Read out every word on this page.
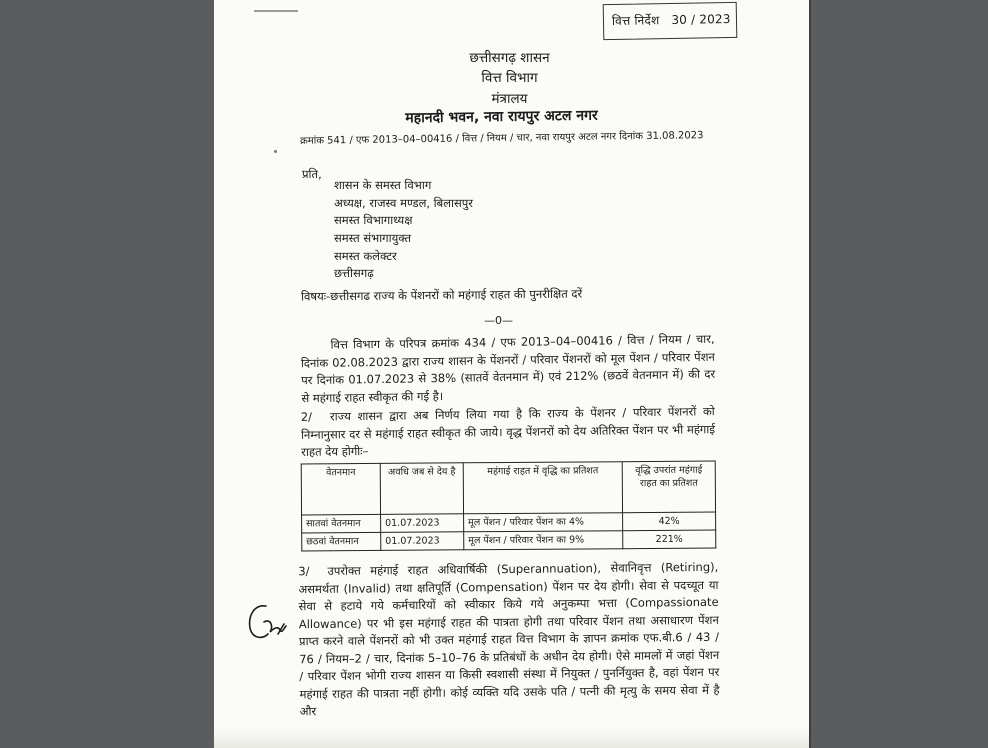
वित्त निर्देश 30 / 2023
छत्तीसगढ़ शासन
वित्त विभाग
मंत्रालय
महानदी भवन, नवा रायपुर अटल नगर
क्रमांक 541 / एफ 2013–04–00416 / वित्त / नियम / चार, नवा रायपुर अटल नगर दिनांक 31.08.2023
प्रति,
शासन के समस्त विभाग
अध्यक्ष, राजस्व मण्डल, बिलासपुर
समस्त विभागाध्यक्ष
समस्त संभागायुक्त
समस्त कलेक्टर
छत्तीसगढ़
विषयः-छत्तीसगढ राज्य के पेंशनरों को महंगाई राहत की पुनरीक्षित दरें
—0—
वित्त विभाग के परिपत्र क्रमांक 434 / एफ 2013–04–00416 / वित्त / नियम / चार, दिनांक 02.08.2023 द्वारा राज्य शासन के पेंशनरों / परिवार पेंशनरों को मूल पेंशन / परिवार पेंशन पर दिनांक 01.07.2023 से 38% (सातवें वेतनमान में) एवं 212% (छठवें वेतनमान में) की दर से महंगाई राहत स्वीकृत की गई है।
2/ राज्य शासन द्वारा अब निर्णय लिया गया है कि राज्य के पेंशनर / परिवार पेंशनरों को निम्नानुसार दर से महंगाई राहत स्वीकृत की जाये। वृद्ध पेंशनरों को देय अतिरिक्त पेंशन पर भी महंगाई राहत देय होगीः–
वेतनमान	अवधि जब से देय है	महंगाई राहत में वृद्धि का प्रतिशत	वृद्धि उपरांत महंगाई राहत का प्रतिशत
सातवां वेतनमान	01.07.2023	मूल पेंशन / परिवार पेंशन का 4%	42%
छठवां वेतनमान	01.07.2023	मूल पेंशन / परिवार पेंशन का 9%	221%
3/ उपरोक्त महंगाई राहत अधिवार्षिकी (Superannuation), सेवानिवृत्त (Retiring), असमर्थता (Invalid) तथा क्षतिपूर्ति (Compensation) पेंशन पर देय होगी। सेवा से पदच्यूत या सेवा से हटाये गये कर्मचारियों को स्वीकार किये गये अनुकम्पा भत्ता (Compassionate Allowance) पर भी इस महंगाई राहत की पात्रता होगी तथा परिवार पेंशन तथा असाधारण पेंशन प्राप्त करने वाले पेंशनरों को भी उक्त महंगाई राहत वित्त विभाग के ज्ञापन क्रमांक एफ.बी.6 / 43 / 76 / नियम–2 / चार, दिनांक 5–10–76 के प्रतिबंधों के अधीन देय होगी। ऐसे मामलों में जहां पेंशन / परिवार पेंशन भोगी राज्य शासन या किसी स्वशासी संस्था में नियुक्त / पुनर्नियुक्त है, वहां पेंशन पर महंगाई राहत की पात्रता नहीं होगी। कोई व्यक्ति यदि उसके पति / पत्नी की मृत्यु के समय सेवा में है और
